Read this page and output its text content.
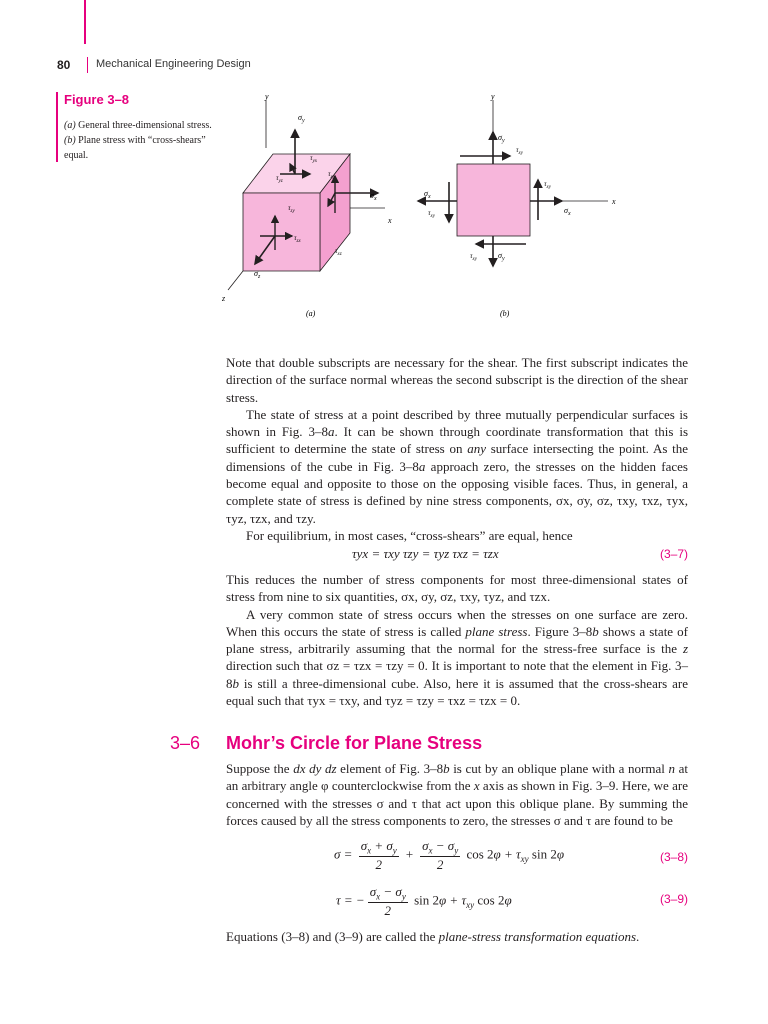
80 Mechanical Engineering Design
Figure 3–8
(a) General three-dimensional stress. (b) Plane stress with “cross-shears” equal.
y
x
z
$\sigma_y$
$\tau_{yx}$
$\tau_{yz}$
$\sigma_x$
$\tau_{xy}$
$\tau_{xz}$
$\sigma_z$
$\tau_{zy}$
$\tau_{zx}$
(a)
y
x
$\sigma_y$
$\tau_{xy}$
$\tau_{xy}$	$\sigma_y$
$\tau_{xy}$
$\sigma_x$
$\tau_{xy}$
$\sigma_x$
(b)

Note that double subscripts are necessary for the shear. The first subscript indicates the direction of the surface normal whereas the second subscript is the direction of the shear stress.

The state of stress at a point described by three mutually perpendicular surfaces is shown in Fig. 3–8a. It can be shown through coordinate transformation that this is sufficient to determine the state of stress on any surface intersecting the point. As the dimensions of the cube in Fig. 3–8a approach zero, the stresses on the hidden faces become equal and opposite to those on the opposing visible faces. Thus, in general, a complete state of stress is defined by nine stress components, σx, σy, σz, τxy, τxz, τyx, τyz, τzx, and τzy.

For equilibrium, in most cases, “cross-shears” are equal, hence

τyx = τxy τzy = τyz τxz = τzx	(3–7)

This reduces the number of stress components for most three-dimensional states of stress from nine to six quantities, σx, σy, σz, τxy, τyz, and τzx.

A very common state of stress occurs when the stresses on one surface are zero. When this occurs the state of stress is called plane stress. Figure 3–8b shows a state of plane stress, arbitrarily assuming that the normal for the stress-free surface is the z direction such that σz = τzx = τzy = 0. It is important to note that the element in Fig. 3–8b is still a three-dimensional cube. Also, here it is assumed that the cross-shears are equal such that τyx = τxy, and τyz = τzy = τxz = τzx = 0.

3–6 Mohr’s Circle for Plane Stress

Suppose the dx dy dz element of Fig. 3–8b is cut by an oblique plane with a normal n at an arbitrary angle φ counterclockwise from the x axis as shown in Fig. 3–9. Here, we are concerned with the stresses σ and τ that act upon this oblique plane. By summing the forces caused by all the stress components to zero, the stresses σ and τ are found to be

$\sigma = \frac{\sigma_x + \sigma_y}{2} + \frac{\sigma_x - \sigma_y}{2}$ $\cos 2\varphi + \tau_{xy}$ sin 2φ	(3–8)
τ = − $\frac{\sigma_x - \sigma_y}{2}$ $\sin 2\varphi + \tau_{xy}$ cos 2φ	(3–9)

Equations (3–8) and (3–9) are called the plane-stress transformation equations.
